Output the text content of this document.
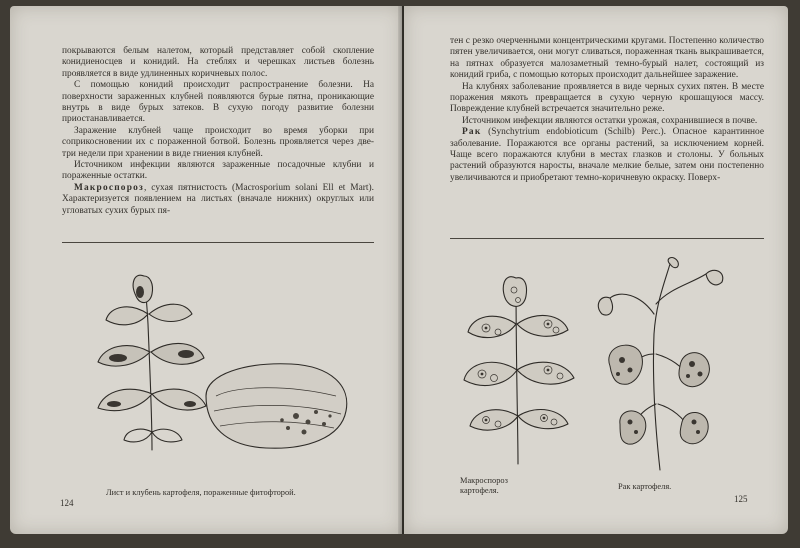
покрываются белым налетом, который представляет собой скопление конидиеносцев и конидий. На стеблях и черешках листьев болезнь проявляется в виде удлиненных коричневых полос.

С помощью конидий происходит распространение болезни. На поверхности зараженных клубней появляются бурые пятна, проникающие внутрь в виде бурых затеков. В сухую погоду развитие болезни приостанавливается.

Заражение клубней чаще происходит во время уборки при соприкосновении их с пораженной ботвой. Болезнь проявляется через две-три недели при хранении в виде гниения клубней.

Источником инфекции являются зараженные посадочные клубни и пораженные остатки.

Макроспороз, сухая пятнистость (Macrosporium solani Ell et Mart). Характеризуется появлением на листьях (вначале нижних) округлых или угловатых сухих бурых пя-

Лист и клубень картофеля, пораженные фитофторой.
124

тен с резко очерченными концентрическими кругами. Постепенно количество пятен увеличивается, они могут сливаться, пораженная ткань выкрашивается, на пятнах образуется малозаметный темно-бурый налет, состоящий из конидий гриба, с помощью которых происходит дальнейшее заражение.

На клубнях заболевание проявляется в виде черных сухих пятен. В месте поражения мякоть превращается в сухую черную крошащуюся массу. Повреждение клубней встречается значительно реже.

Источником инфекции являются остатки урожая, сохранившиеся в почве.

Рак (Synchytrium endobioticum (Schilb) Perc.). Опасное карантинное заболевание. Поражаются все органы растений, за исключением корней. Чаще всего поражаются клубни в местах глазков и столоны. У больных растений образуются наросты, вначале мелкие белые, затем они постепенно увеличиваются и приобретают темно-коричневую окраску. Поверх-

Макроспороз картофеля.	Рак картофеля.
125
